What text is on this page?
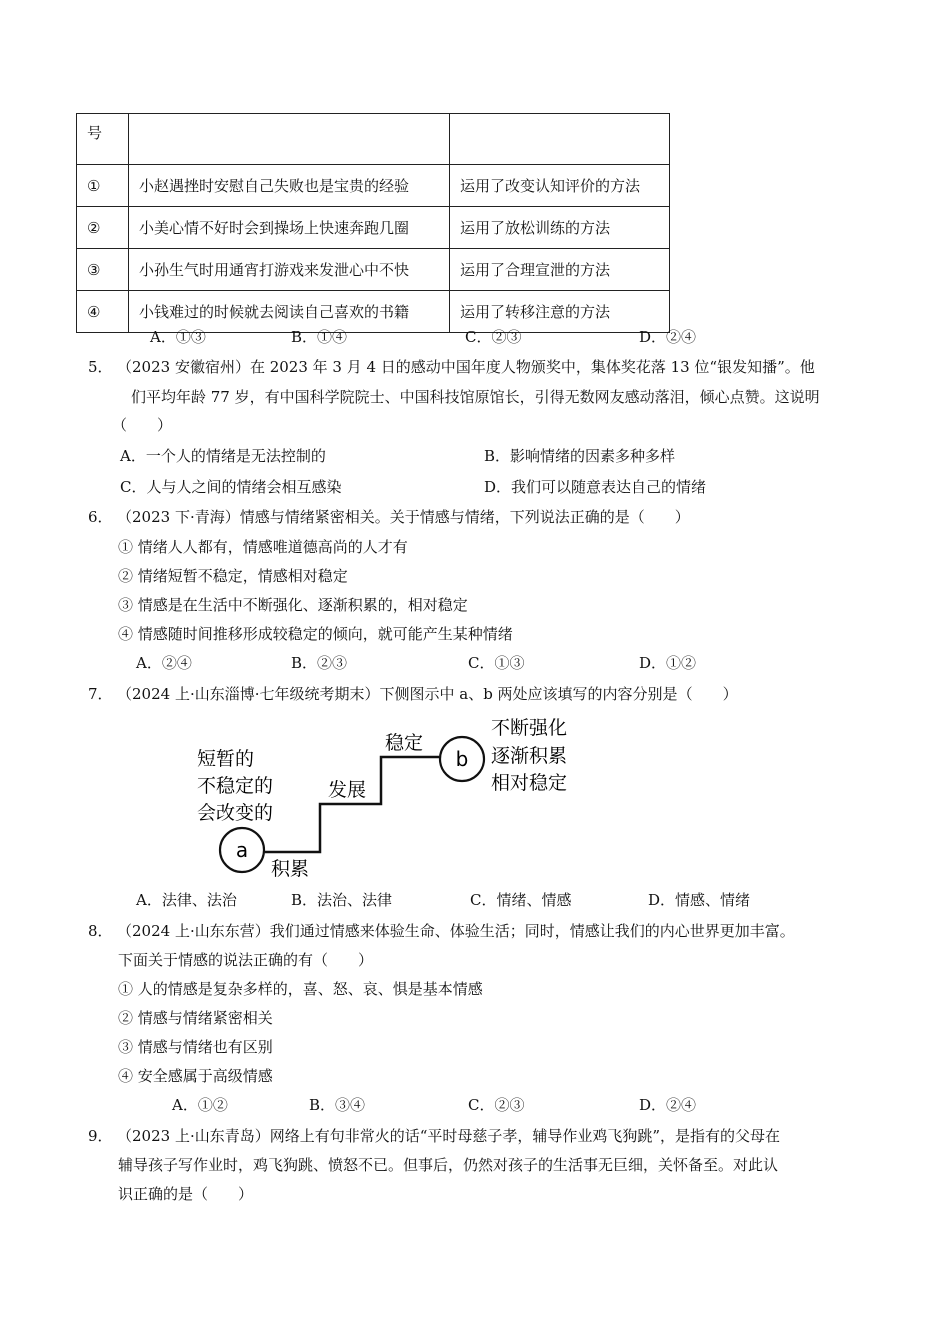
号		
①	小赵遇挫时安慰自己失败也是宝贵的经验	运用了改变认知评价的方法
②	小美心情不好时会到操场上快速奔跑几圈	运用了放松训练的方法
③	小孙生气时用通宵打游戏来发泄心中不快	运用了合理宣泄的方法
④	小钱难过的时候就去阅读自己喜欢的书籍	运用了转移注意的方法
A．①③	B．①④	C．②③	D．②④
5． （2023 安徽宿州）在 2023 年 3 月 4 日的感动中国年度人物颁奖中，集体奖花落 13 位“银发知播”。他
们平均年龄 77 岁，有中国科学院院士、中国科技馆原馆长，引得无数网友感动落泪，倾心点赞。这说明
（　　）
A．一个人的情绪是无法控制的	B．影响情绪的因素多种多样
C．人与人之间的情绪会相互感染	D．我们可以随意表达自己的情绪
6． （2023 下·青海）情感与情绪紧密相关。关于情感与情绪，下列说法正确的是（　　）
① 情绪人人都有，情感唯道德高尚的人才有
② 情绪短暂不稳定，情感相对稳定
③ 情感是在生活中不断强化、逐渐积累的，相对稳定
④ 情感随时间推移形成较稳定的倾向，就可能产生某种情绪
A．②④	B．②③	C．①③	D．①②
7． （2024 上·山东淄博·七年级统考期末）下侧图示中 a、b 两处应该填写的内容分别是（　　）
a
b
短暂的
不稳定的
会改变的
积累
发展
稳定
不断强化
逐渐积累
相对稳定
A．法律、法治	B．法治、法律	C．情绪、情感	D．情感、情绪
8． （2024 上·山东东营）我们通过情感来体验生命、体验生活；同时，情感让我们的内心世界更加丰富。
下面关于情感的说法正确的有（　　）
① 人的情感是复杂多样的，喜、怒、哀、惧是基本情感
② 情感与情绪紧密相关
③ 情感与情绪也有区别
④ 安全感属于高级情感
A．①②	B．③④	C．②③	D．②④
9． （2023 上·山东青岛）网络上有句非常火的话“平时母慈子孝，辅导作业鸡飞狗跳”，是指有的父母在
辅导孩子写作业时，鸡飞狗跳、愤怒不已。但事后，仍然对孩子的生活事无巨细，关怀备至。对此认
识正确的是（　　）
